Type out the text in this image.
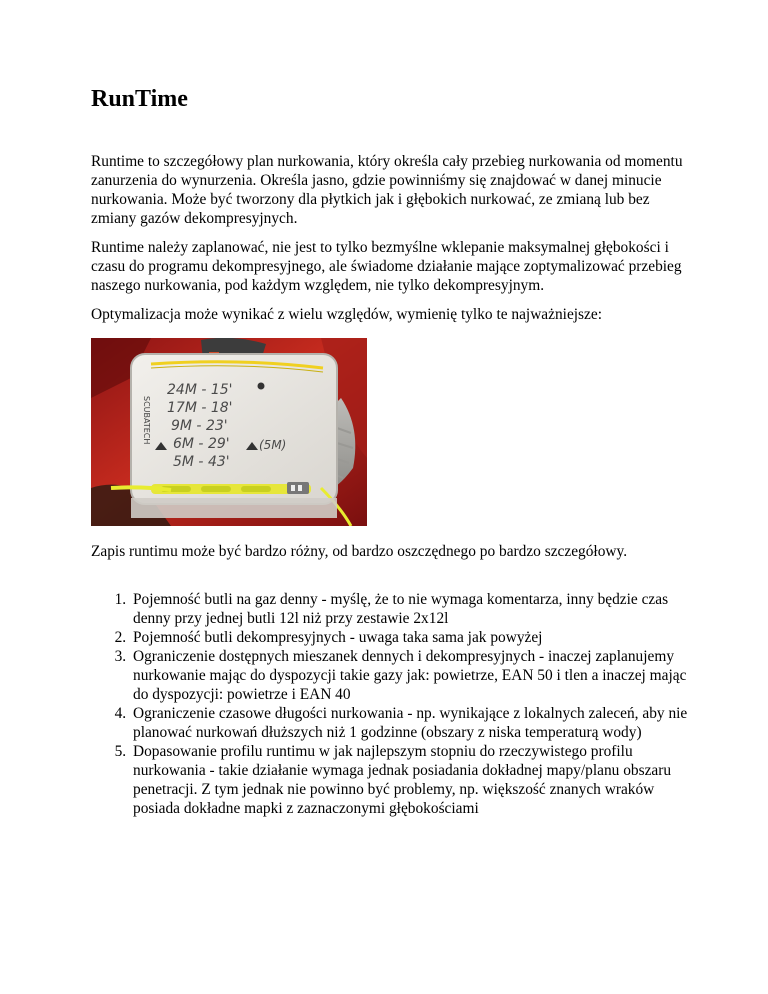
RunTime

Runtime to szczegółowy plan nurkowania, który określa cały przebieg nurkowania od momentu zanurzenia do wynurzenia. Określa jasno, gdzie powinniśmy się znajdować w danej minucie nurkowania. Może być tworzony dla płytkich jak i głębokich nurkować, ze zmianą lub bez zmiany gazów dekompresyjnych.

Runtime należy zaplanować, nie jest to tylko bezmyślne wklepanie maksymalnej głębokości i czasu do programu dekompresyjnego, ale świadome działanie mające zoptymalizować przebieg naszego nurkowania, pod każdym względem, nie tylko dekompresyjnym.

Optymalizacja może wynikać z wielu względów, wymienię tylko te najważniejsze:

SCUBATECH
24M - 15'
17M - 18'
9M - 23'
6M - 29' (5M)
5M - 43'

Zapis runtimu może być bardzo różny, od bardzo oszczędnego po bardzo szczegółowy.

1. Pojemność butli na gaz denny - myślę, że to nie wymaga komentarza, inny będzie czas denny przy jednej butli 12l niż przy zestawie 2x12l
2. Pojemność butli dekompresyjnych - uwaga taka sama jak powyżej
3. Ograniczenie dostępnych mieszanek dennych i dekompresyjnych - inaczej zaplanujemy nurkowanie mając do dyspozycji takie gazy jak: powietrze, EAN 50 i tlen a inaczej mając do dyspozycji: powietrze i EAN 40
4. Ograniczenie czasowe długości nurkowania - np. wynikające z lokalnych zaleceń, aby nie planować nurkowań dłuższych niż 1 godzinne (obszary z niska temperaturą wody)
5. Dopasowanie profilu runtimu w jak najlepszym stopniu do rzeczywistego profilu nurkowania - takie działanie wymaga jednak posiadania dokładnej mapy/planu obszaru penetracji. Z tym jednak nie powinno być problemy, np. większość znanych wraków posiada dokładne mapki z zaznaczonymi głębokościami
